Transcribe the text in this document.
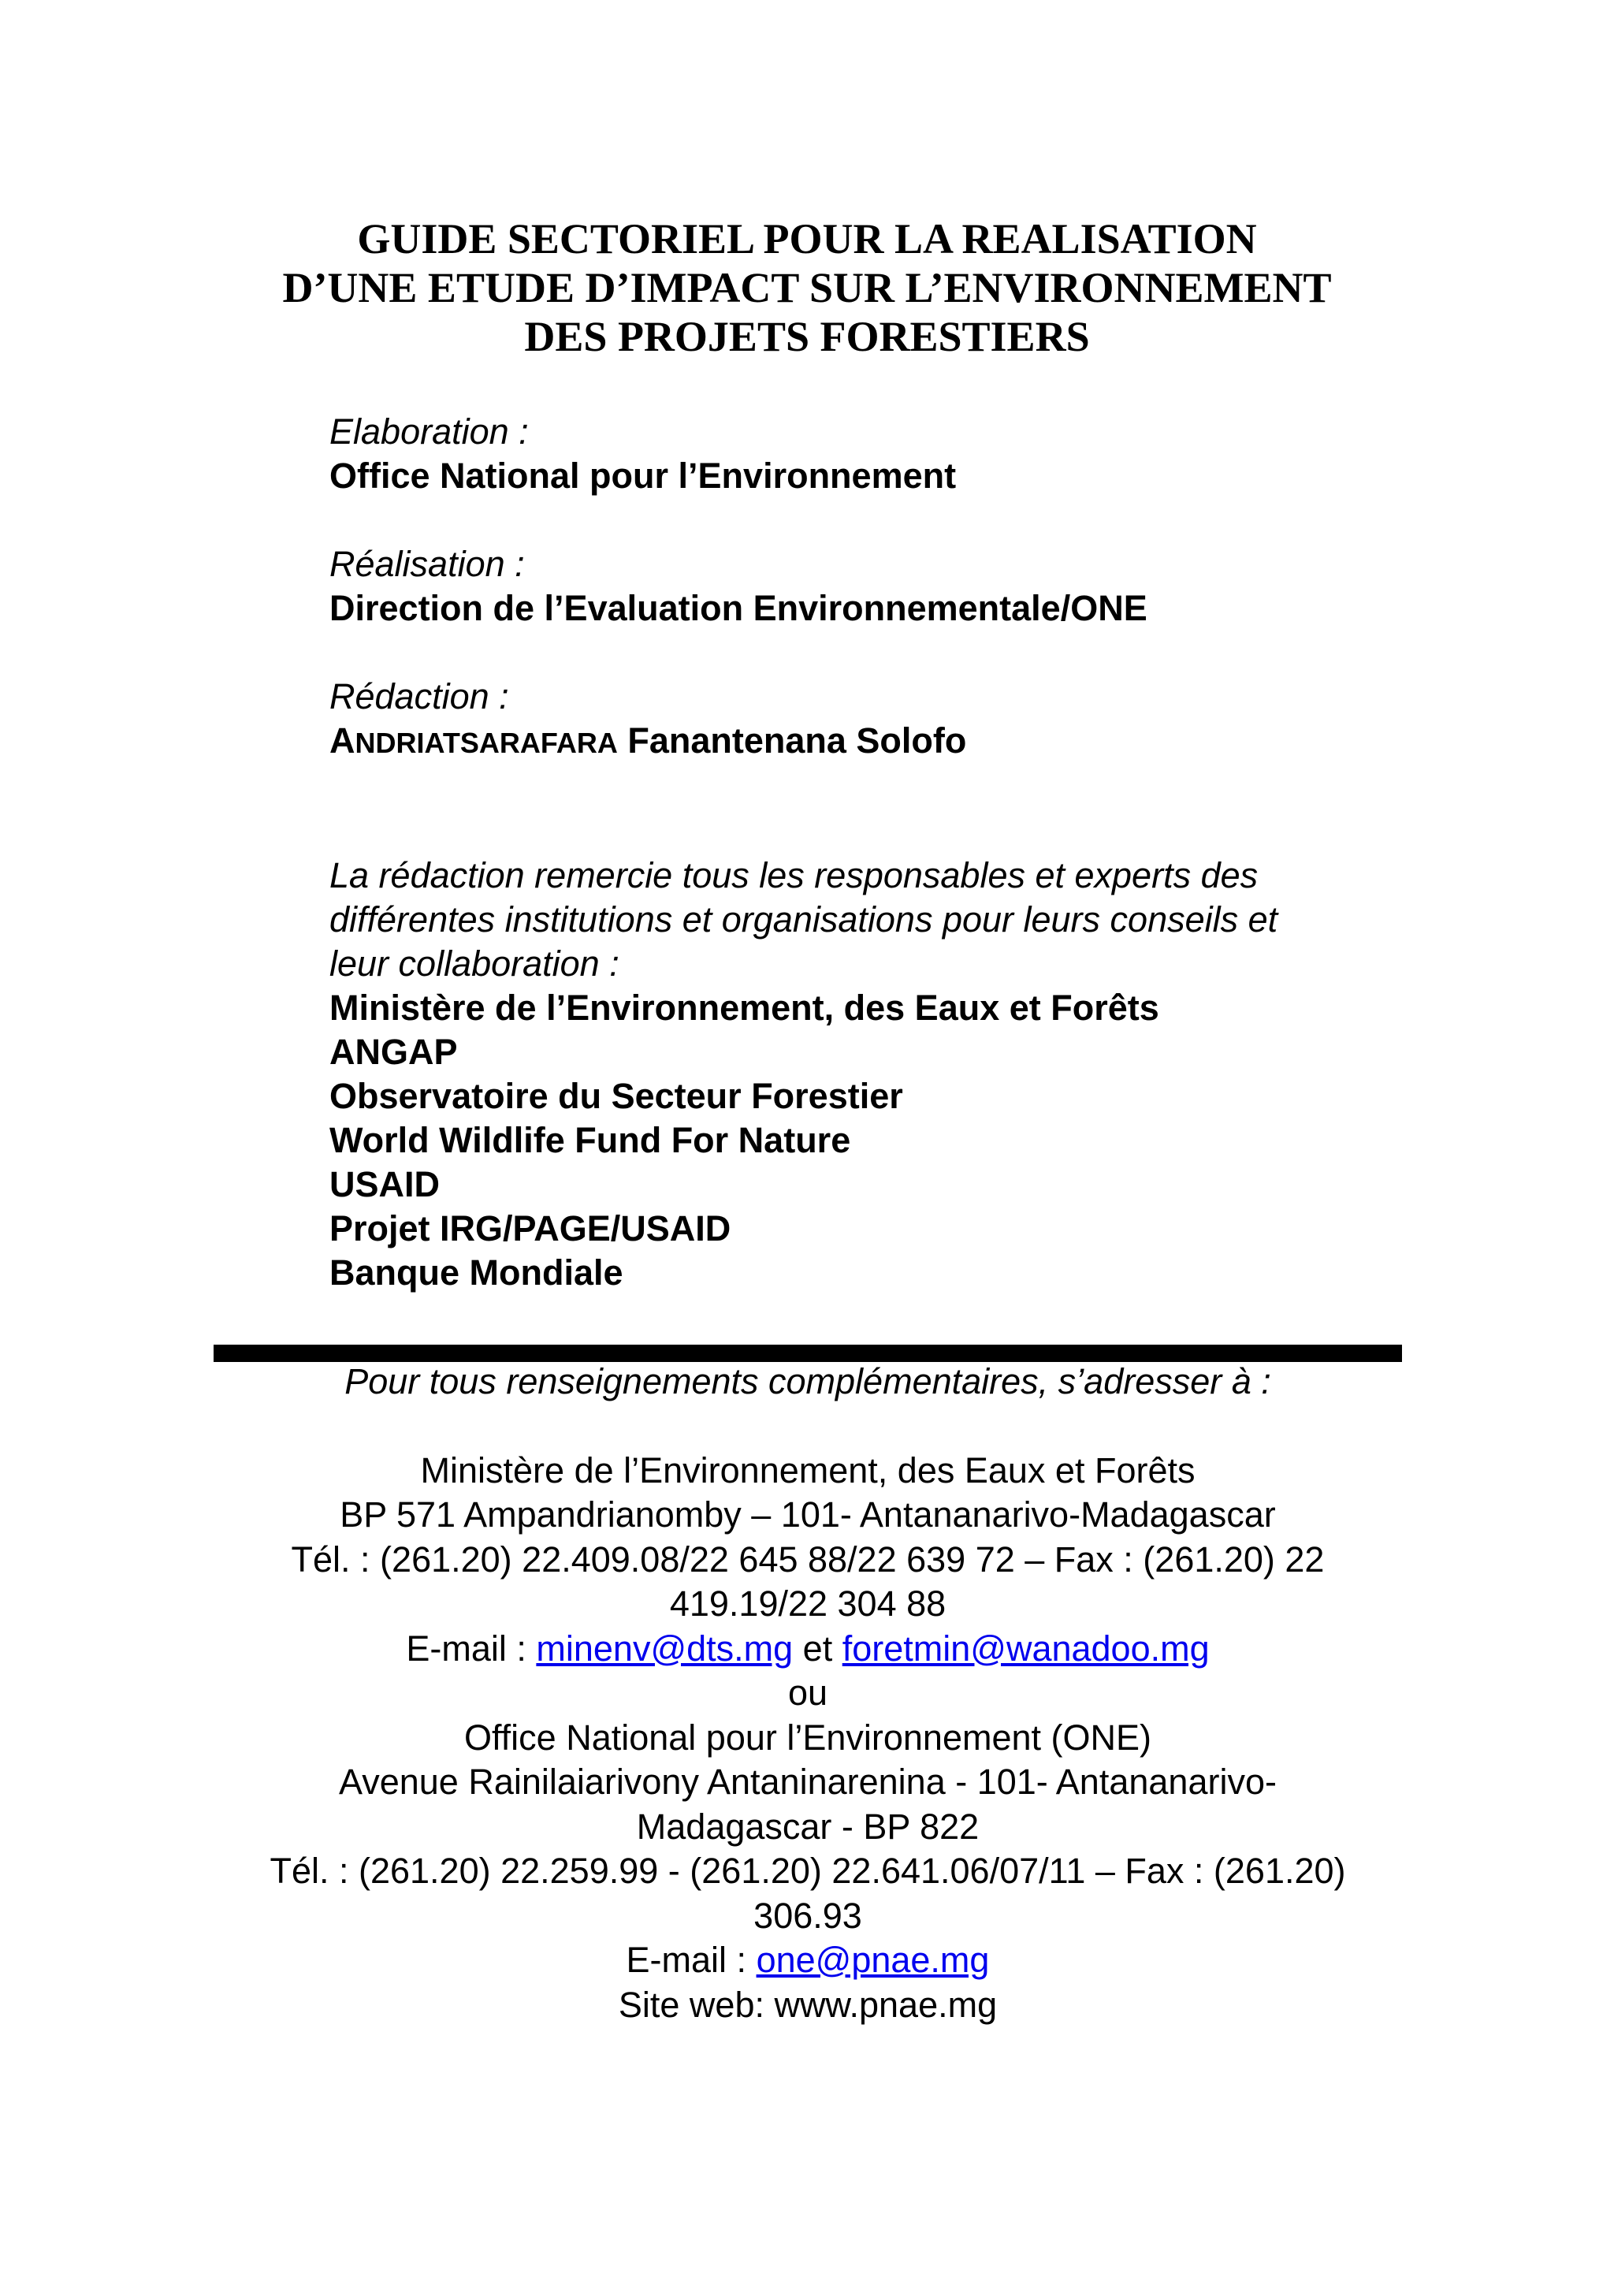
GUIDE SECTORIEL POUR LA REALISATION
D’UNE ETUDE D’IMPACT SUR L’ENVIRONNEMENT
DES PROJETS FORESTIERS
Elaboration :
Office National pour l’Environnement
Réalisation :
Direction de l’Evaluation Environnementale/ONE
Rédaction :
ANDRIATSARAFARA Fanantenana Solofo
La rédaction remercie tous les responsables et experts des
différentes institutions et organisations pour leurs conseils et
leur collaboration :
Ministère de l’Environnement, des Eaux et Forêts
ANGAP
Observatoire du Secteur Forestier
World Wildlife Fund For Nature
USAID
Projet IRG/PAGE/USAID
Banque Mondiale
Pour tous renseignements complémentaires, s’adresser à :
Ministère de l’Environnement, des Eaux et Forêts
BP 571 Ampandrianomby – 101- Antananarivo-Madagascar
Tél. : (261.20) 22.409.08/22 645 88/22 639 72 – Fax : (261.20) 22
419.19/22 304 88
E-mail : minenv@dts.mg et foretmin@wanadoo.mg
ou
Office National pour l’Environnement (ONE)
Avenue Rainilaiarivony Antaninarenina - 101- Antananarivo-
Madagascar - BP 822
Tél. : (261.20) 22.259.99 - (261.20) 22.641.06/07/11 – Fax : (261.20)
306.93
E-mail : one@pnae.mg
Site web: www.pnae.mg
